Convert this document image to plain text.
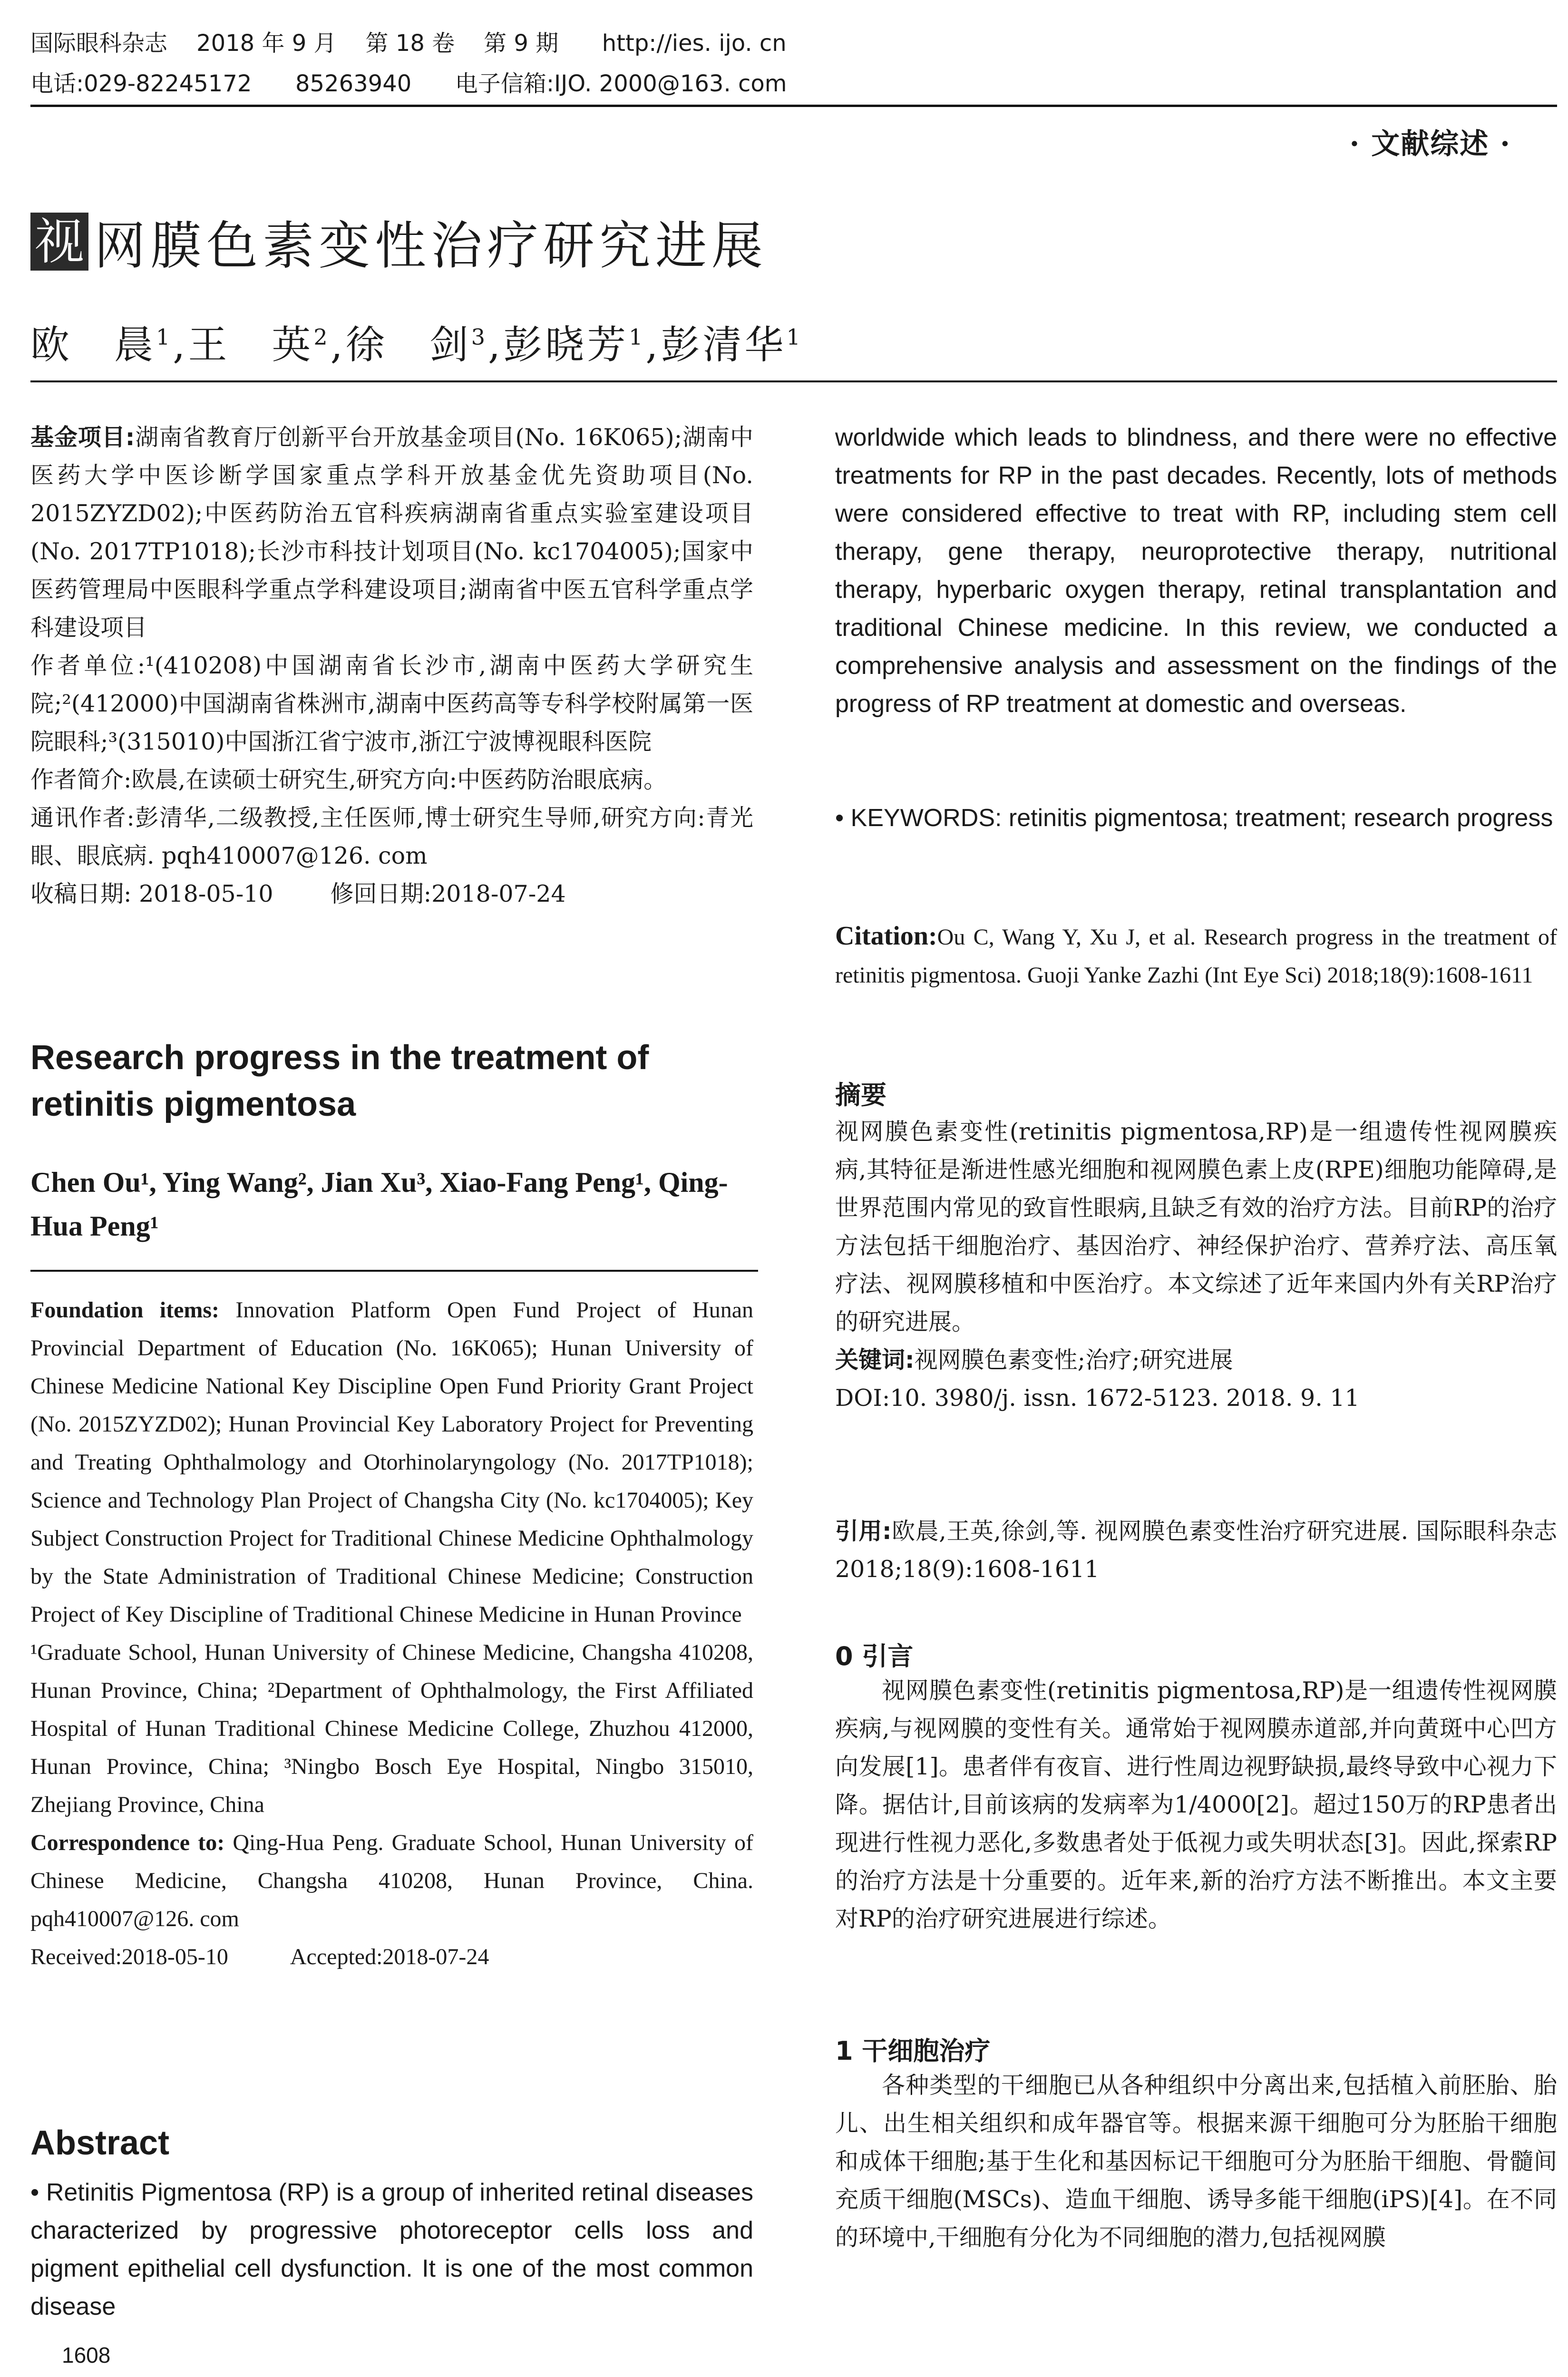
国际眼科杂志    2018 年 9 月    第 18 卷    第 9 期      http://ies. ijo. cn
电话:029-82245172      85263940      电子信箱:IJO. 2000@163. com
· 文献综述 ·
视 网膜色素变性治疗研究进展
欧　晨$^1$,王　英$^2$,徐　剑$^3$,彭晓芳$^1$,彭清华$^1$

基金项目:湖南省教育厅创新平台开放基金项目(No. 16K065);湖南中医药大学中医诊断学国家重点学科开放基金优先资助项目(No. 2015ZYZD02);中医药防治五官科疾病湖南省重点实验室建设项目(No. 2017TP1018);长沙市科技计划项目(No. kc1704005);国家中医药管理局中医眼科学重点学科建设项目;湖南省中医五官科学重点学科建设项目

作者单位:¹(410208)中国湖南省长沙市,湖南中医药大学研究生院;²(412000)中国湖南省株洲市,湖南中医药高等专科学校附属第一医院眼科;³(315010)中国浙江省宁波市,浙江宁波博视眼科医院

作者简介:欧晨,在读硕士研究生,研究方向:中医药防治眼底病。

通讯作者:彭清华,二级教授,主任医师,博士研究生导师,研究方向:青光眼、眼底病. pqh410007@126. com

收稿日期: 2018-05-10 修回日期:2018-07-24

Research progress in the treatment of retinitis pigmentosa
Chen Ou¹, Ying Wang², Jian Xu³, Xiao-Fang Peng¹, Qing-Hua Peng¹

Foundation items: Innovation Platform Open Fund Project of Hunan Provincial Department of Education (No. 16K065); Hunan University of Chinese Medicine National Key Discipline Open Fund Priority Grant Project (No. 2015ZYZD02); Hunan Provincial Key Laboratory Project for Preventing and Treating Ophthalmology and Otorhinolaryngology (No. 2017TP1018); Science and Technology Plan Project of Changsha City (No. kc1704005); Key Subject Construction Project for Traditional Chinese Medicine Ophthalmology by the State Administration of Traditional Chinese Medicine; Construction Project of Key Discipline of Traditional Chinese Medicine in Hunan Province

¹Graduate School, Hunan University of Chinese Medicine, Changsha 410208, Hunan Province, China; ²Department of Ophthalmology, the First Affiliated Hospital of Hunan Traditional Chinese Medicine College, Zhuzhou 412000, Hunan Province, China; ³Ningbo Bosch Eye Hospital, Ningbo 315010, Zhejiang Province, China

Correspondence to: Qing-Hua Peng. Graduate School, Hunan University of Chinese Medicine, Changsha 410208, Hunan Province, China. pqh410007@126. com

Received:2018-05-10	Accepted:2018-07-24

Abstract
• Retinitis Pigmentosa (RP) is a group of inherited retinal diseases characterized by progressive photoreceptor cells loss and pigment epithelial cell dysfunction. It is one of the most common disease
1608
worldwide which leads to blindness, and there were no effective treatments for RP in the past decades. Recently, lots of methods were considered effective to treat with RP, including stem cell therapy, gene therapy, neuroprotective therapy, nutritional therapy, hyperbaric oxygen therapy, retinal transplantation and traditional Chinese medicine. In this review, we conducted a comprehensive analysis and assessment on the findings of the progress of RP treatment at domestic and overseas.
• KEYWORDS: retinitis pigmentosa; treatment; research progress
Citation:Ou C, Wang Y, Xu J, et al. Research progress in the treatment of retinitis pigmentosa. Guoji Yanke Zazhi (Int Eye Sci) 2018;18(9):1608-1611
摘要

视网膜色素变性(retinitis pigmentosa,RP)是一组遗传性视网膜疾病,其特征是渐进性感光细胞和视网膜色素上皮(RPE)细胞功能障碍,是世界范围内常见的致盲性眼病,且缺乏有效的治疗方法。目前RP的治疗方法包括干细胞治疗、基因治疗、神经保护治疗、营养疗法、高压氧疗法、视网膜移植和中医治疗。本文综述了近年来国内外有关RP治疗的研究进展。

关键词:视网膜色素变性;治疗;研究进展

DOI:10. 3980/j. issn. 1672-5123. 2018. 9. 11

引用:欧晨,王英,徐剑,等. 视网膜色素变性治疗研究进展. 国际眼科杂志 2018;18(9):1608-1611
0 引言
视网膜色素变性(retinitis pigmentosa,RP)是一组遗传性视网膜疾病,与视网膜的变性有关。通常始于视网膜赤道部,并向黄斑中心凹方向发展[1]。患者伴有夜盲、进行性周边视野缺损,最终导致中心视力下降。据估计,目前该病的发病率为1/4000[2]。超过150万的RP患者出现进行性视力恶化,多数患者处于低视力或失明状态[3]。因此,探索RP的治疗方法是十分重要的。近年来,新的治疗方法不断推出。本文主要对RP的治疗研究进展进行综述。
1 干细胞治疗
各种类型的干细胞已从各种组织中分离出来,包括植入前胚胎、胎儿、出生相关组织和成年器官等。根据来源干细胞可分为胚胎干细胞和成体干细胞;基于生化和基因标记干细胞可分为胚胎干细胞、骨髓间充质干细胞(MSCs)、造血干细胞、诱导多能干细胞(iPS)[4]。在不同的环境中,干细胞有分化为不同细胞的潜力,包括视网膜
